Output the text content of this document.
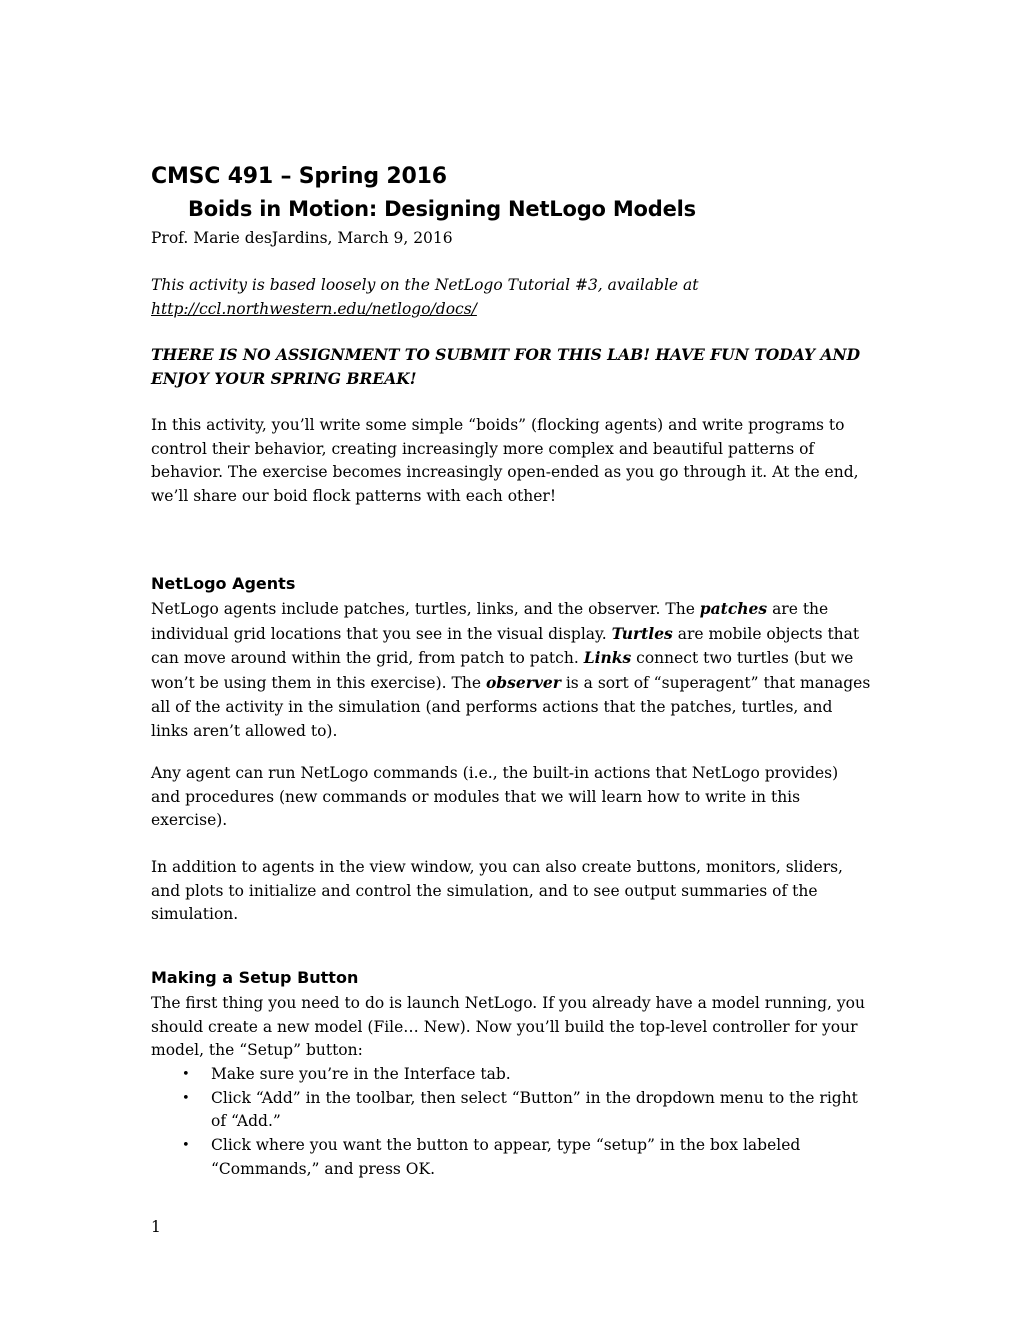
CMSC 491 – Spring 2016
Boids in Motion: Designing NetLogo Models
Prof. Marie desJardins, March 9, 2016
This activity is based loosely on the NetLogo Tutorial #3, available at
http://ccl.northwestern.edu/netlogo/docs/
THERE IS NO ASSIGNMENT TO SUBMIT FOR THIS LAB! HAVE FUN TODAY AND ENJOY YOUR SPRING BREAK!
In this activity, you’ll write some simple “boids” (flocking agents) and write programs to control their behavior, creating increasingly more complex and beautiful patterns of behavior. The exercise becomes increasingly open-ended as you go through it. At the end, we’ll share our boid flock patterns with each other!
NetLogo Agents
NetLogo agents include patches, turtles, links, and the observer. The patches are the individual grid locations that you see in the visual display. Turtles are mobile objects that can move around within the grid, from patch to patch. Links connect two turtles (but we won’t be using them in this exercise). The observer is a sort of “superagent” that manages all of the activity in the simulation (and performs actions that the patches, turtles, and links aren’t allowed to).
Any agent can run NetLogo commands (i.e., the built-in actions that NetLogo provides) and procedures (new commands or modules that we will learn how to write in this exercise).
In addition to agents in the view window, you can also create buttons, monitors, sliders, and plots to initialize and control the simulation, and to see output summaries of the simulation.
Making a Setup Button
The first thing you need to do is launch NetLogo. If you already have a model running, you should create a new model (File… New). Now you’ll build the top-level controller for your model, the “Setup” button:
• Make sure you’re in the Interface tab.
• Click “Add” in the toolbar, then select “Button” in the dropdown menu to the right of “Add.”
• Click where you want the button to appear, type “setup” in the box labeled “Commands,” and press OK.
1
